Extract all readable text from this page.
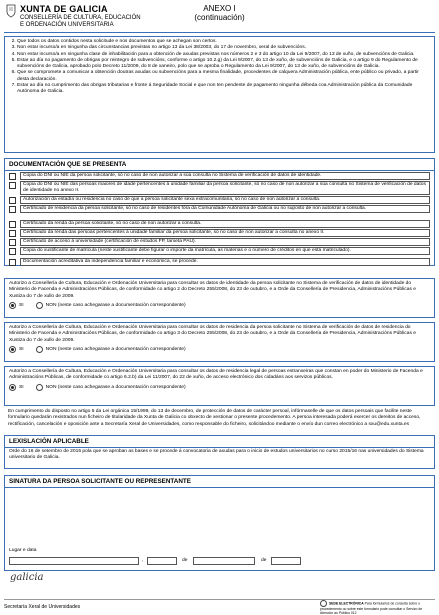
XUNTA DE GALICIA
CONSELLERÍA DE CULTURA, EDUCACIÓN
E ORDENACIÓN UNIVERSITARIA
ANEXO I
(continuación)
2. Que todos os datos contidos nesta solicitude e nos documentos que se achegan son certos.
3. Non estar incurso/a en ningunha das circunstancias previstas no artigo 13 da Lei 38/2003, do 17 de novembro, xeral de subvencións.
4. Non estar incurso/a en ningunha clase de inhabilitación para a obtención de axudas previstas nos números 2 e 3 do artigo 10 da Lei 9/2007, do 13 de xuño, de subvencións de Galicia.
5. Estar ao día no pagamento de obrigas por reintegro de subvencións, conforme o artigo 10.2.g) da Lei 9/2007, do 13 de xuño, de subvencións de Galicia, e o artigo 9 do Regulamento de subvencións de Galicia, aprobado polo Decreto 11/2009, do 8 de xaneiro, polo que se aproba o Regulamento da Lei 9/2007, do 13 de xuño, de subvencións de Galicia.
6. Que se compromete a comunicar a obtención doutras axudas ou subvencións para a mesma finalidade, procedentes de calquera Administración pública, ente público ou privado, a partir desta declaración.
7. Estar ao día no cumprimento das obrigas tributarias e fronte á Seguridade Social e que non ten pendente de pagamento ningunha débeda coa Administración pública da Comunidade Autónoma de Galicia.
DOCUMENTACIÓN QUE SE PRESENTA
Copia do DNI ou NIE da persoa solicitante, só no caso de non autorizar a súa consulta no Sistema de verificación de datos de identidade.
Copia do DNI ou NIE das persoas maiores de idade pertencentes á unidade familiar da persoa solicitante, só no caso de non autorizar a súa consulta no Sistema de verificación de datos de identidade no anexo II.
Autorización da estadía ou residencia no caso de que a persoa solicitante sexa extracomunitaria, só no caso de non autorizar a consulta.
Certificado de residencia da persoa solicitante, só no caso de residentes fóra da Comunidade Autónoma de Galicia ou no suposto de non autorizar a consulta.
Certificado da renda da persoa solicitante, só no caso de non autorizar a consulta.
Certificado da renda das persoas pertencentes á unidade familiar da persoa solicitante, só no caso de non autorizar a consulta no anexo II.
Certificado de acceso á universidade (certificación de estudos FP, tarxeta PAU).
Copia do xustificante de matrícula (neste xustificante debe figurar o importe da matrícula, as materias e o número de créditos en que está matriculado).
Documentación acreditativa da independencia familiar e económica, se procede.
Autorizo a Consellería de Cultura, Educación e Ordenación Universitaria para consultar os datos de identidade da persoa solicitante no Sistema de verificación de datos de identidade do Ministerio de Facenda e Administracións Públicas, de conformidade co artigo 2 do Decreto 255/2008, do 23 de outubro, e a Orde da Consellería de Presidencia, Administracións Públicas e Xustiza do 7 de xullo de 2009.
SI	NON (neste caso achegarase a documentación correspondente)
Autorizo a Consellería de Cultura, Educación e Ordenación Universitaria para consultar os datos de residencia da persoa solicitante no Sistema de verificación de datos de residencia do Ministerio de Facenda e Administracións Públicas, de conformidade co artigo 3 do Decreto 255/2008, do 23 de outubro, e a Orde da Consellería de Presidencia, Administracións Públicas e Xustiza do 7 de xullo de 2009.
SI	NON (neste caso achegarase a documentación correspondente)
Autorizo a Consellería de Cultura, Educación e Ordenación Universitaria para consultar os datos de residencia legal de persoas estranxeiras que constan en poder do Ministerio de Facenda e Administracións Públicas, de conformidade co artigo 6.2.b) da Lei 11/2007, do 22 de xuño, de acceso electrónico dos cidadáns aos servizos públicos.
SI	NON (neste caso achegarase a documentación correspondente)
En cumprimento do disposto no artigo 5 da Lei orgánica 15/1999, do 13 de decembro, de protección de datos de carácter persoal, infórmaselle de que os datos persoais que facilite neste formulario quedarán rexistrados nun ficheiro de titularidade da Xunta de Galicia co obxecto de xestionar o presente procedemento. A persoa interesada poderá exercer os dereitos de acceso, rectificación, cancelación e oposición ante a Secretaría Xeral de Universidades, como responsable do ficheiro, solicitándoo mediante o envío dun correo electrónico a sxu@edu.xunta.es
LEXISLACIÓN APLICABLE
Orde do 16 de setembro de 2015 pola que se aproban as bases e se procede á convocatoria de axudas para o inicio de estudos universitarios no curso 2015/16 nas universidades do Sistema universitario de Galicia.
SINATURA DA PERSOA SOLICITANTE OU REPRESENTANTE
Lugar e data
,	de	de
galicia
Secretaría Xeral de Universidades
SEDE ELECTRÓNICA Para formularios de consulta sobre o procedemento ou sobre este formulario pode consultar o Servizo de Atención ao Público 012
